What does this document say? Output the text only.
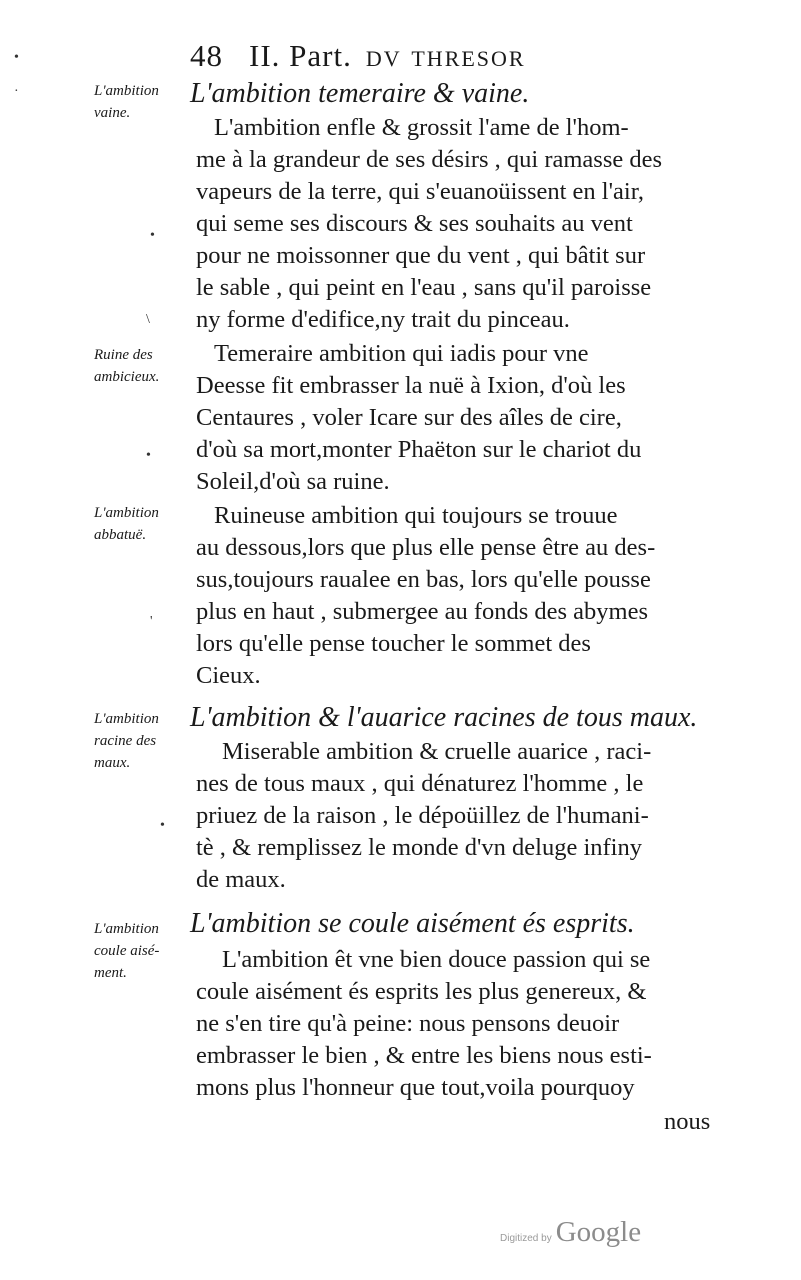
48 II. Part. dv thresor
L'ambition vaine.
L'ambition temeraire & vaine.
L'ambition enfle & grossit l'ame de l'hom-
me à la grandeur de ses désirs , qui ramasse des
vapeurs de la terre, qui s'euanoüissent en l'air,
qui seme ses discours & ses souhaits au vent
pour ne moissonner que du vent , qui bâtit sur
le sable , qui peint en l'eau , sans qu'il paroisse
ny forme d'edifice,ny trait du pinceau.
Ruine des ambicieux.
Temeraire ambition qui iadis pour vne
Deesse fit embrasser la nuë à Ixion, d'où les
Centaures , voler Icare sur des aîles de cire,
d'où sa mort,monter Phaëton sur le chariot du
Soleil,d'où sa ruine.
L'ambition abbatuë.
Ruineuse ambition qui toujours se trouue
au dessous,lors que plus elle pense être au des-
sus,toujours raualee en bas, lors qu'elle pousse
plus en haut , submergee au fonds des abymes
lors qu'elle pense toucher le sommet des
Cieux.
L'ambition racine des maux.
L'ambition & l'auarice racines de tous maux.
Miserable ambition & cruelle auarice , raci-
nes de tous maux , qui dénaturez l'homme , le
priuez de la raison , le dépoüillez de l'humani-
tè , & remplissez le monde d'vn deluge infiny
de maux.
L'ambition coule aisé-ment.
L'ambition se coule aisément és esprits.
L'ambition êt vne bien douce passion qui se
coule aisément és esprits les plus genereux, &
ne s'en tire qu'à peine: nous pensons deuoir
embrasser le bien , & entre les biens nous esti-
mons plus l'honneur que tout,voila pourquoy
nous
•
·
•
\
•
'
•
Digitized by Google
